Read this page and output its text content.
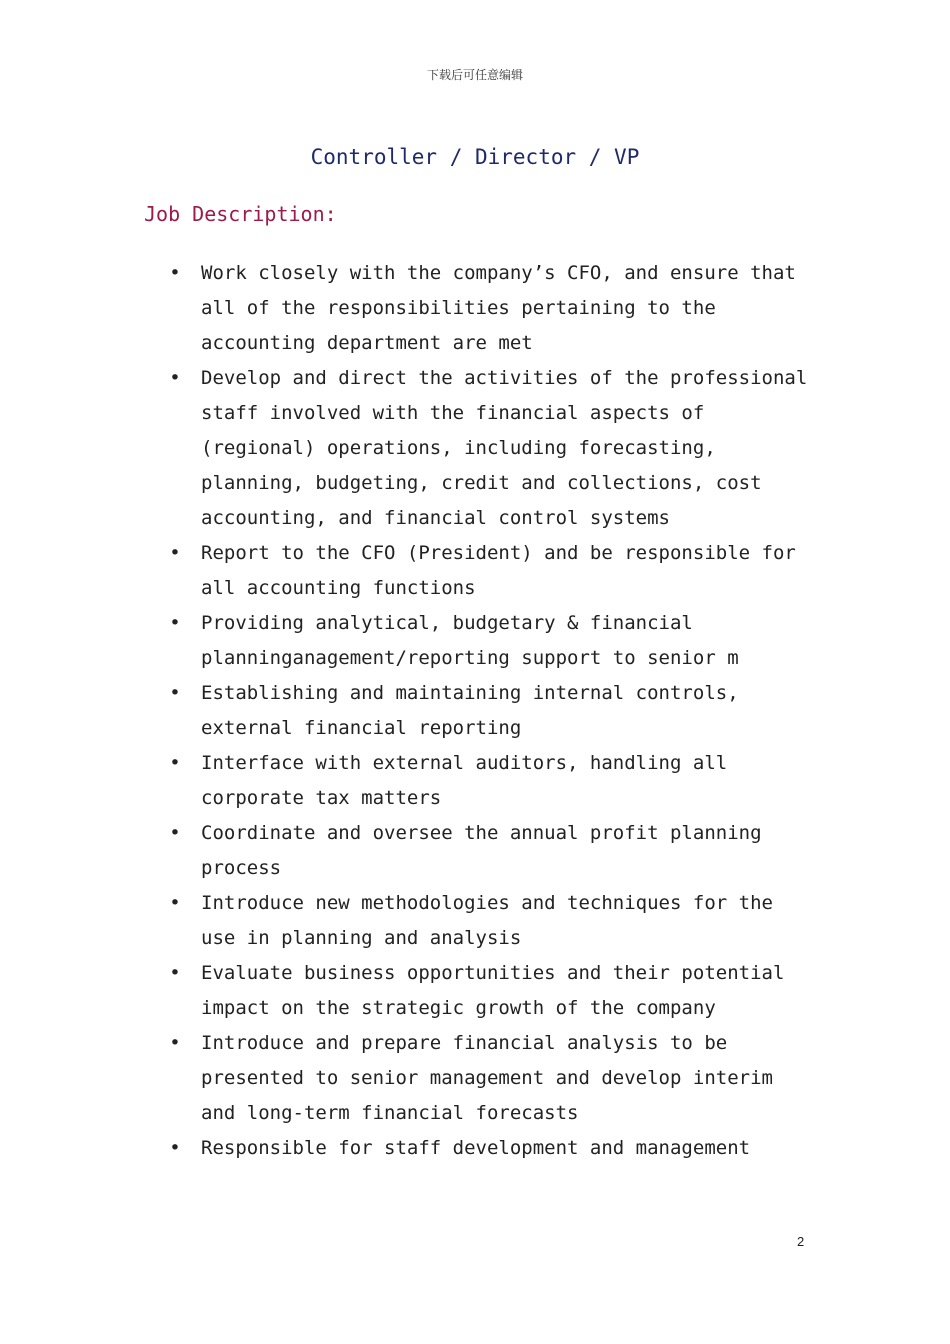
下载后可任意编辑
Controller / Director / VP
Job Description:
• Work closely with the company’s CFO, and ensure that all of the responsibilities pertaining to the accounting department are met
• Develop and direct the activities of the professional staff involved with the financial aspects of (regional) operations, including forecasting, planning, budgeting, credit and collections, cost accounting, and financial control systems
• Report to the CFO (President) and be responsible for all accounting functions
• Providing analytical, budgetary & financial planninganagement/reporting support to senior m
• Establishing and maintaining internal controls, external financial reporting
• Interface with external auditors, handling all corporate tax matters
• Coordinate and oversee the annual profit planning process
• Introduce new methodologies and techniques for the use in planning and analysis
• Evaluate business opportunities and their potential impact on the strategic growth of the company
• Introduce and prepare financial analysis to be presented to senior management and develop interim and long-term financial forecasts
• Responsible for staff development and management
2
